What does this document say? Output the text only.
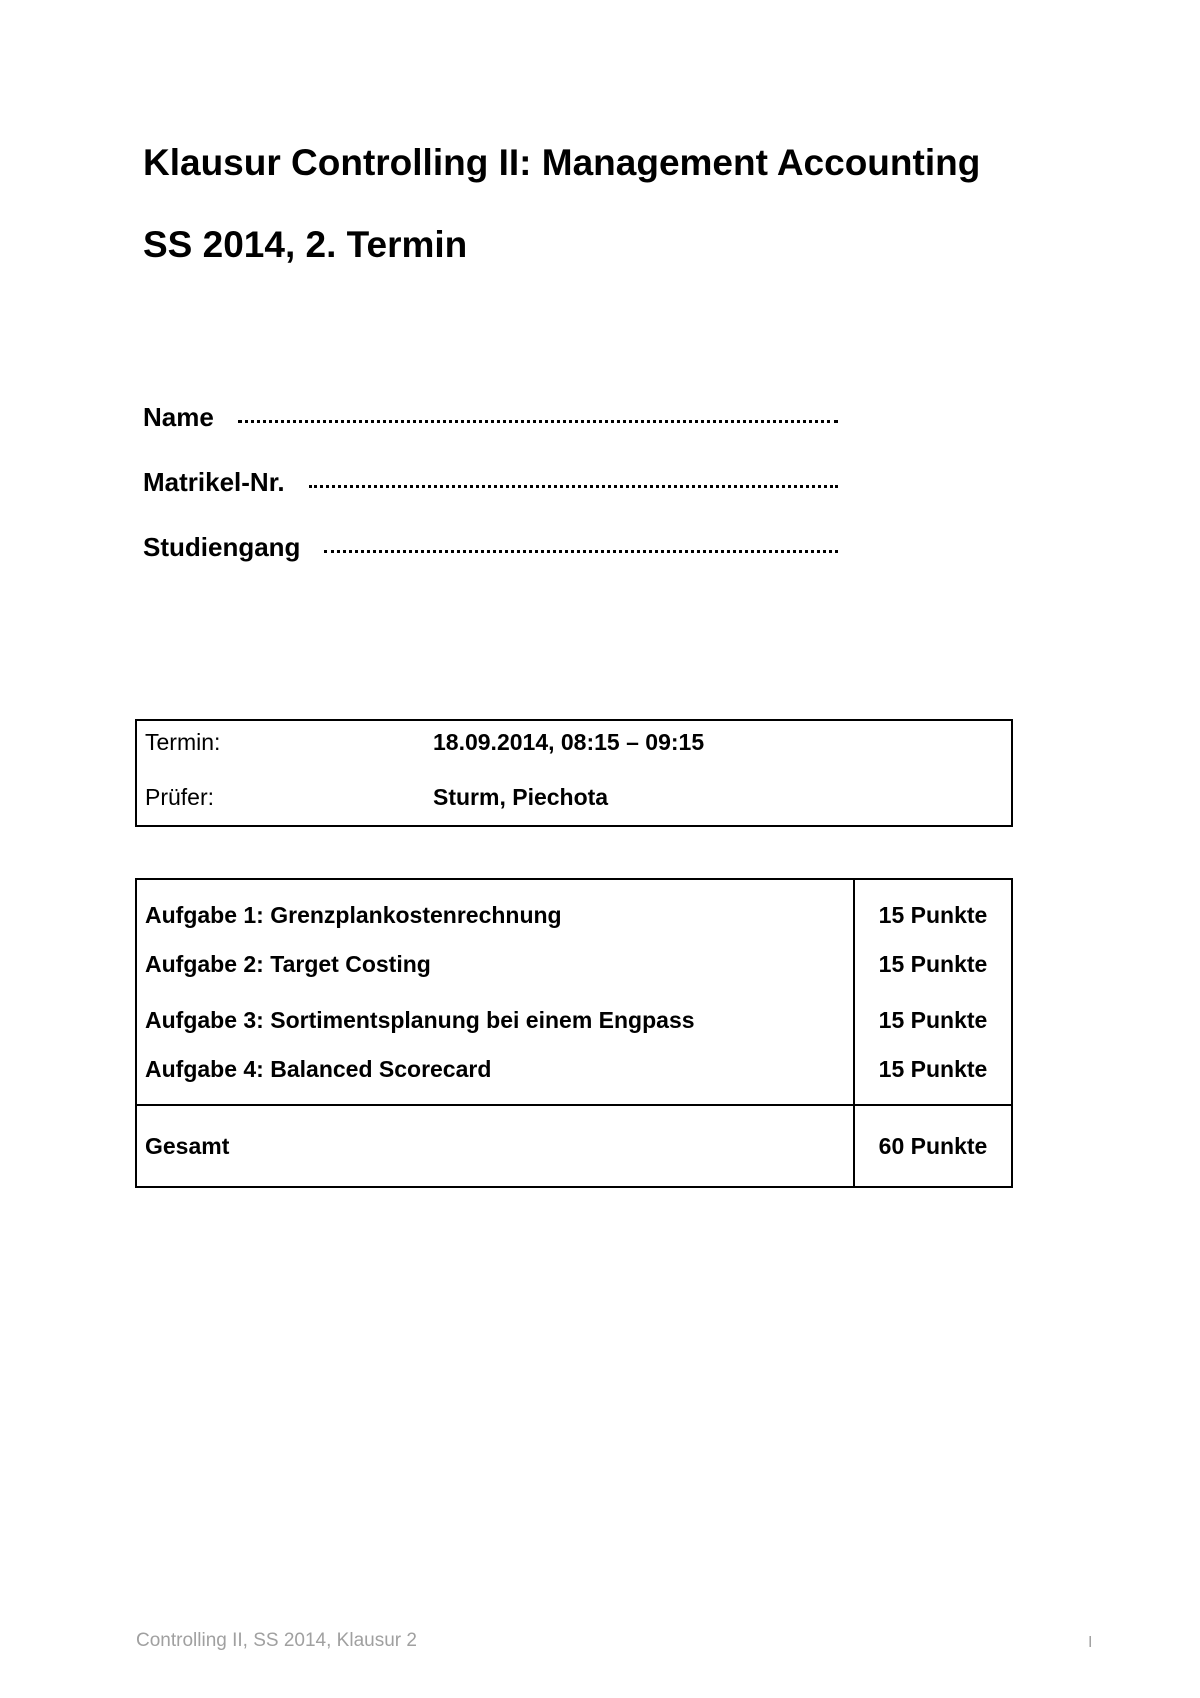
Klausur Controlling II: Management Accounting
SS 2014, 2. Termin
Name
Matrikel-Nr.
Studiengang
Termin:	18.09.2014, 08:15 – 09:15
Prüfer:	Sturm, Piechota
Aufgabe 1: Grenzplankostenrechnung	15 Punkte
Aufgabe 2: Target Costing	15 Punkte
Aufgabe 3: Sortimentsplanung bei einem Engpass	15 Punkte
Aufgabe 4: Balanced Scorecard	15 Punkte
Gesamt	60 Punkte
Controlling II, SS 2014, Klausur 2	I
